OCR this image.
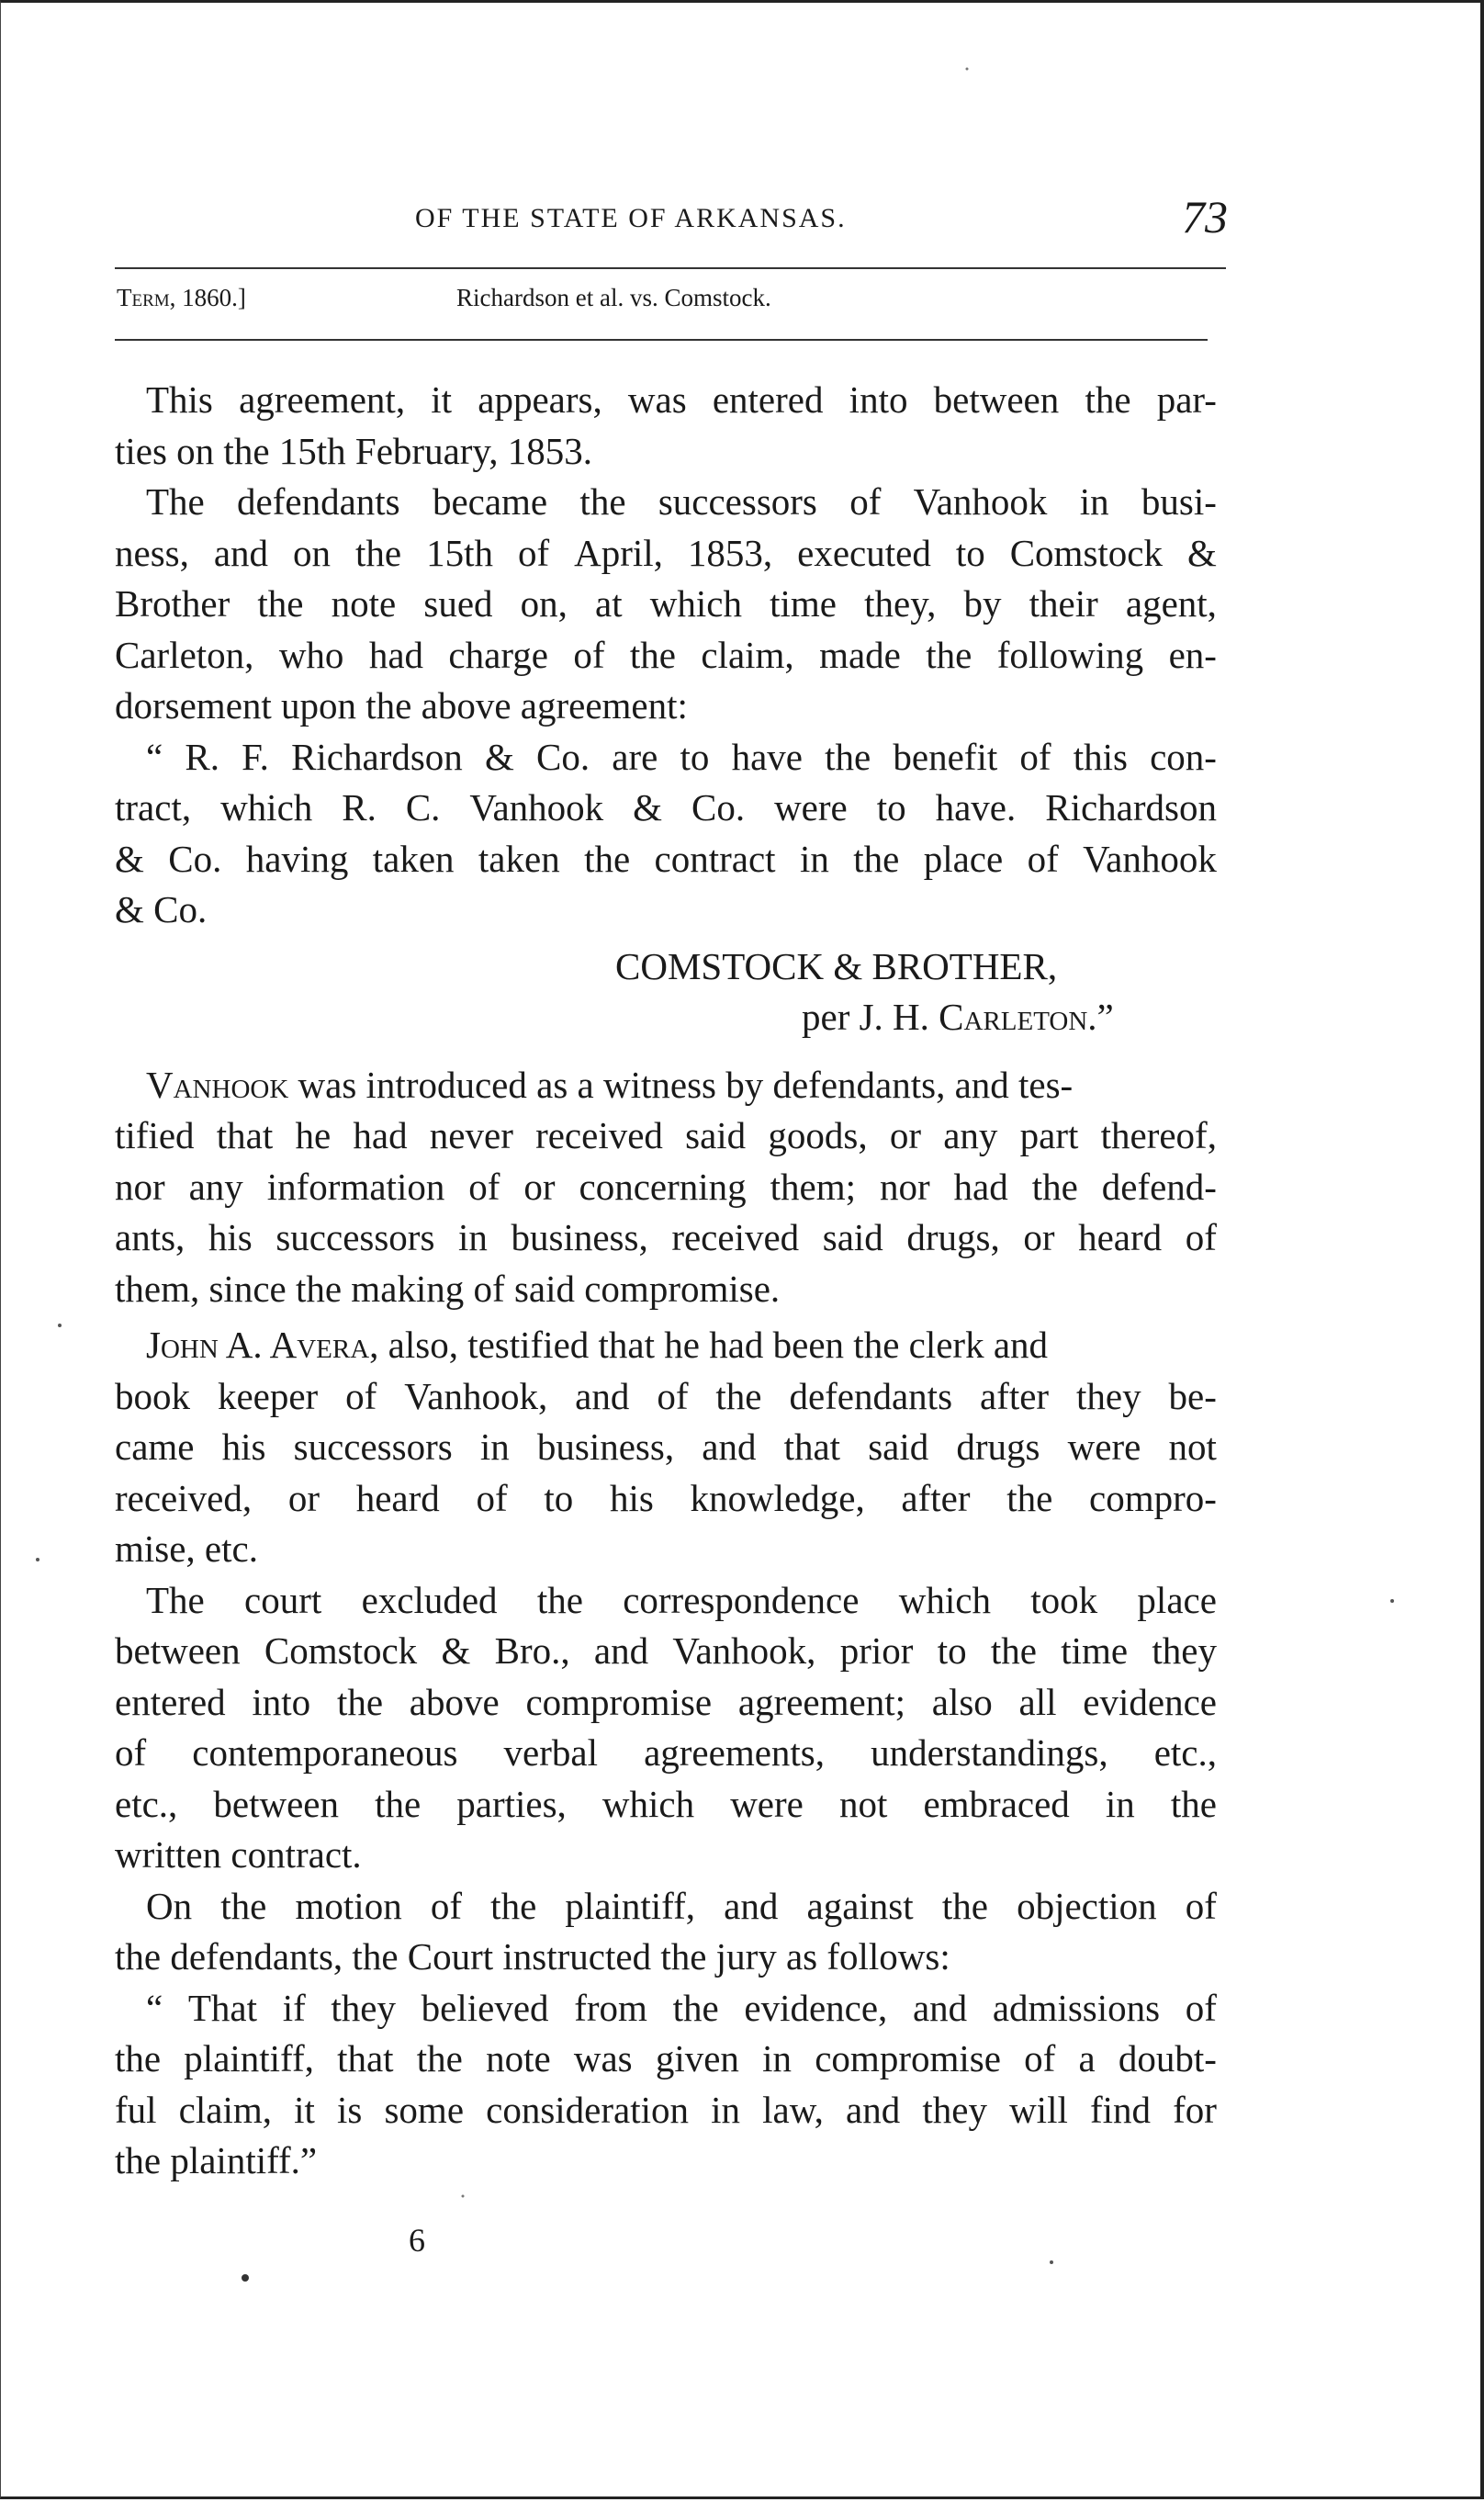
OF THE STATE OF ARKANSAS.	73
Term, 1860.]	Richardson et al. vs. Comstock.
This agreement, it appears, was entered into between the par-
ties on the 15th February, 1853.
The defendants became the successors of Vanhook in busi-
ness, and on the 15th of April, 1853, executed to Comstock &
Brother the note sued on, at which time they, by their agent,
Carleton, who had charge of the claim, made the following en-
dorsement upon the above agreement:
“ R. F. Richardson & Co. are to have the benefit of this con-
tract, which R. C. Vanhook & Co. were to have. Richardson
& Co. having taken taken the contract in the place of Vanhook
& Co.
COMSTOCK & BROTHER,
per J. H. Carleton.”
Vanhook was introduced as a witness by defendants, and tes-
tified that he had never received said goods, or any part thereof,
nor any information of or concerning them; nor had the defend-
ants, his successors in business, received said drugs, or heard of
them, since the making of said compromise.
John A. Avera , also, testified that he had been the clerk and
book keeper of Vanhook, and of the defendants after they be-
came his successors in business, and that said drugs were not
received, or heard of to his knowledge, after the compro-
mise, etc.
The court excluded the correspondence which took place
between Comstock & Bro., and Vanhook, prior to the time they
entered into the above compromise agreement; also all evidence
of contemporaneous verbal agreements, understandings, etc.,
etc., between the parties, which were not embraced in the
written contract.
On the motion of the plaintiff, and against the objection of
the defendants, the Court instructed the jury as follows:
“ That if they believed from the evidence, and admissions of
the plaintiff, that the note was given in compromise of a doubt-
ful claim, it is some consideration in law, and they will find for
the plaintiff.”
6
